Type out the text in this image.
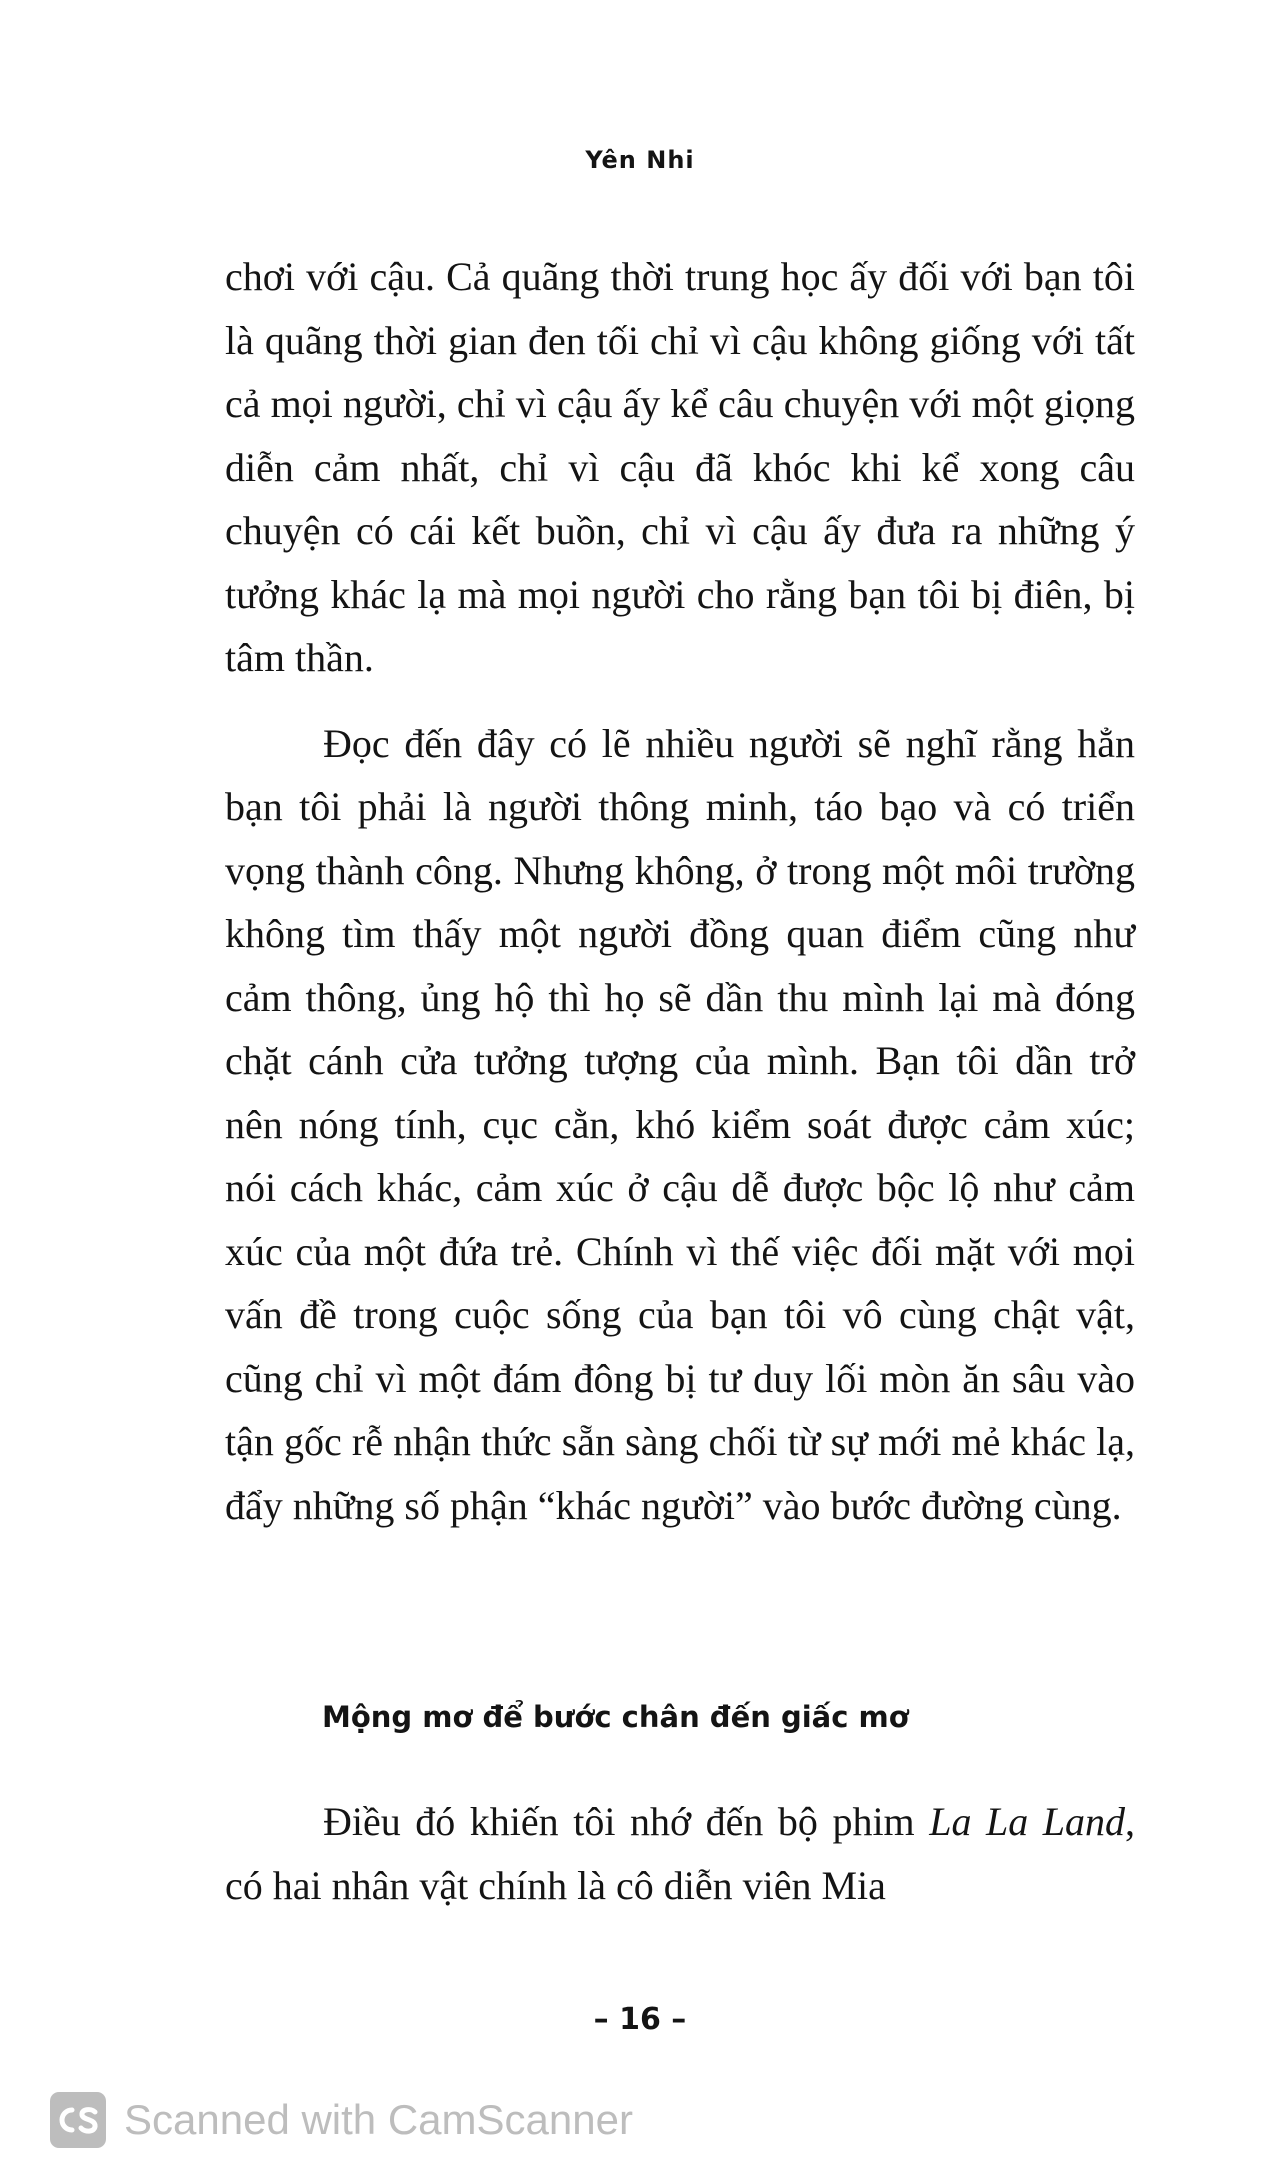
Yên Nhi

chơi với cậu. Cả quãng thời trung học ấy đối với bạn tôi là quãng thời gian đen tối chỉ vì cậu không giống với tất cả mọi người, chỉ vì cậu ấy kể câu chuyện với một giọng diễn cảm nhất, chỉ vì cậu đã khóc khi kể xong câu chuyện có cái kết buồn, chỉ vì cậu ấy đưa ra những ý tưởng khác lạ mà mọi người cho rằng bạn tôi bị điên, bị tâm thần.

Đọc đến đây có lẽ nhiều người sẽ nghĩ rằng hẳn bạn tôi phải là người thông minh, táo bạo và có triển vọng thành công. Nhưng không, ở trong một môi trường không tìm thấy một người đồng quan điểm cũng như cảm thông, ủng hộ thì họ sẽ dần thu mình lại mà đóng chặt cánh cửa tưởng tượng của mình. Bạn tôi dần trở nên nóng tính, cục cằn, khó kiểm soát được cảm xúc; nói cách khác, cảm xúc ở cậu dễ được bộc lộ như cảm xúc của một đứa trẻ. Chính vì thế việc đối mặt với mọi vấn đề trong cuộc sống của bạn tôi vô cùng chật vật, cũng chỉ vì một đám đông bị tư duy lối mòn ăn sâu vào tận gốc rễ nhận thức sẵn sàng chối từ sự mới mẻ khác lạ, đẩy những số phận “khác người” vào bước đường cùng.

Mộng mơ để bước chân đến giấc mơ

Điều đó khiến tôi nhớ đến bộ phim La La Land, có hai nhân vật chính là cô diễn viên Mia

– 16 –
Scanned with CamScanner
